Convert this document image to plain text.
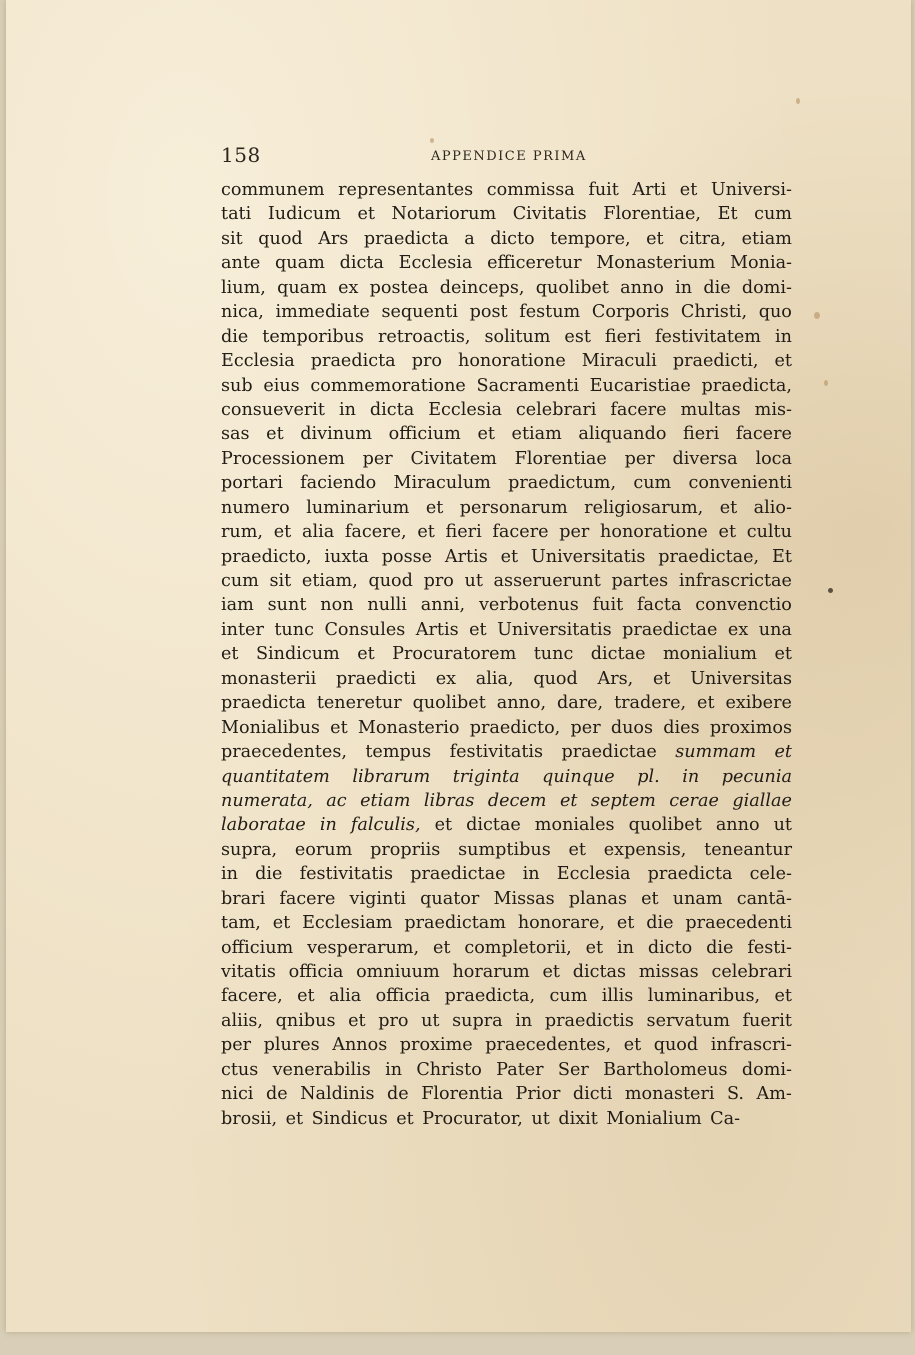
158	APPENDICE PRIMA
communem representantes commissa fuit Arti et Universi-
tati Iudicum et Notariorum Civitatis Florentiae, Et cum
sit quod Ars praedicta a dicto tempore, et citra, etiam
ante quam dicta Ecclesia efficeretur Monasterium Monia-
lium, quam ex postea deinceps, quolibet anno in die domi-
nica, immediate sequenti post festum Corporis Christi, quo
die temporibus retroactis, solitum est fieri festivitatem in
Ecclesia praedicta pro honoratione Miraculi praedicti, et
sub eius commemoratione Sacramenti Eucaristiae praedicta,
consueverit in dicta Ecclesia celebrari facere multas mis-
sas et divinum officium et etiam aliquando fieri facere
Processionem per Civitatem Florentiae per diversa loca
portari faciendo Miraculum praedictum, cum convenienti
numero luminarium et personarum religiosarum, et alio-
rum, et alia facere, et fieri facere per honoratione et cultu
praedicto, iuxta posse Artis et Universitatis praedictae, Et
cum sit etiam, quod pro ut asseruerunt partes infrascrictae
iam sunt non nulli anni, verbotenus fuit facta convenctio
inter tunc Consules Artis et Universitatis praedictae ex una
et Sindicum et Procuratorem tunc dictae monialium et
monasterii praedicti ex alia, quod Ars, et Universitas
praedicta teneretur quolibet anno, dare, tradere, et exibere
Monialibus et Monasterio praedicto, per duos dies proximos
praecedentes, tempus festivitatis praedictae summam et
quantitatem librarum triginta quinque pl. in pecunia
numerata, ac etiam libras decem et septem cerae giallae
laboratae in falculis, et dictae moniales quolibet anno ut
supra, eorum propriis sumptibus et expensis, teneantur
in die festivitatis praedictae in Ecclesia praedicta cele-
brari facere viginti quator Missas planas et unam cantā-
tam, et Ecclesiam praedictam honorare, et die praecedenti
officium vesperarum, et completorii, et in dicto die festi-
vitatis officia omniuum horarum et dictas missas celebrari
facere, et alia officia praedicta, cum illis luminaribus, et
aliis, qnibus et pro ut supra in praedictis servatum fuerit
per plures Annos proxime praecedentes, et quod infrascri-
ctus venerabilis in Christo Pater Ser Bartholomeus domi-
nici de Naldinis de Florentia Prior dicti monasteri S. Am-
brosii, et Sindicus et Procurator, ut dixit Monialium Ca-
